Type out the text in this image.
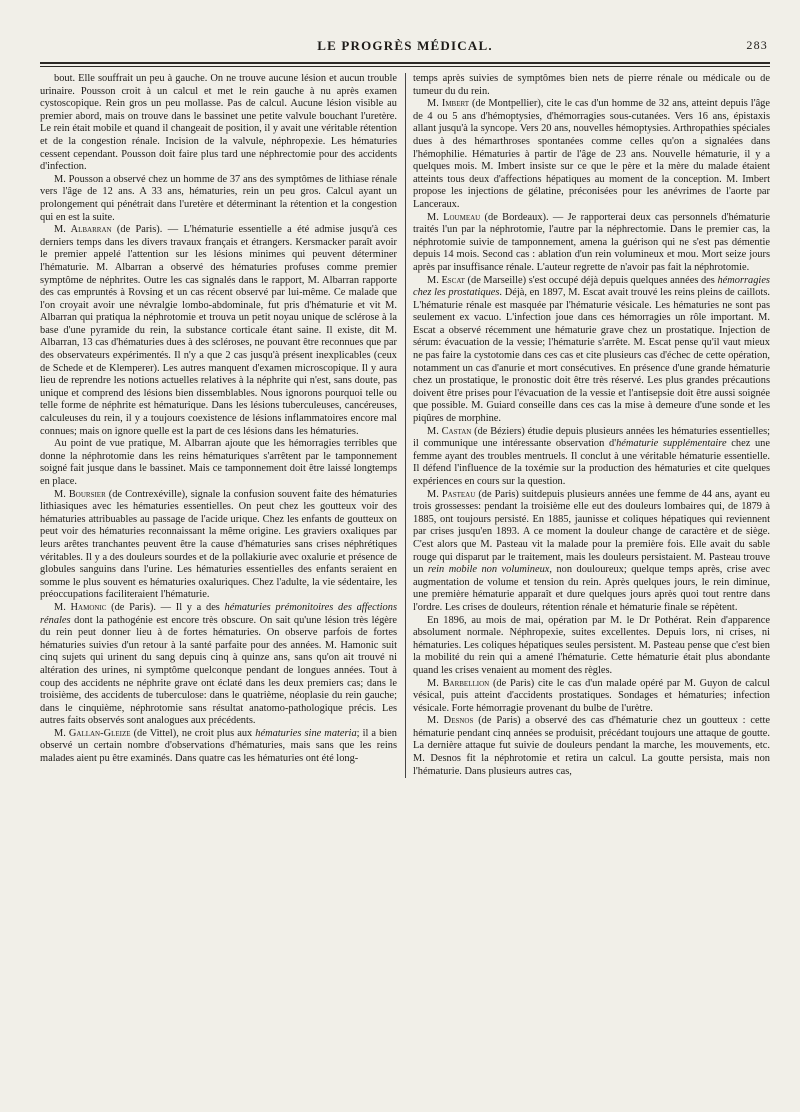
LE PROGRÈS MÉDICAL.	283

bout. Elle souffrait un peu à gauche. On ne trouve aucune lésion et aucun trouble urinaire. Pousson croit à un calcul et met le rein gauche à nu après examen cystoscopique. Rein gros un peu mollasse. Pas de calcul. Aucune lésion visible au premier abord, mais on trouve dans le bassinet une petite valvule bouchant l'uretère. Le rein était mobile et quand il changeait de position, il y avait une véritable rétention et de la congestion rénale. Incision de la valvule, néphropexie. Les hématuries cessent cependant. Pousson doit faire plus tard une néphrectomie pour des accidents d'infection.

M. Pousson a observé chez un homme de 37 ans des symptômes de lithiase rénale vers l'âge de 12 ans. A 33 ans, hématuries, rein un peu gros. Calcul ayant un prolongement qui pénétrait dans l'uretère et déterminant la rétention et la congestion qui en est la suite.

M. Albarran (de Paris). — L'hématurie essentielle a été admise jusqu'à ces derniers temps dans les divers travaux français et étrangers. Kersmacker paraît avoir le premier appelé l'attention sur les lésions minimes qui peuvent déterminer l'hématurie. M. Albarran a observé des hématuries profuses comme premier symptôme de néphrites. Outre les cas signalés dans le rapport, M. Albarran rapporte des cas empruntés à Rovsing et un cas récent observé par lui-même. Ce malade que l'on croyait avoir une névralgie lombo-abdominale, fut pris d'hématurie et vit M. Albarran qui pratiqua la néphrotomie et trouva un petit noyau unique de sclérose à la base d'une pyramide du rein, la substance corticale étant saine. Il existe, dit M. Albarran, 13 cas d'hématuries dues à des scléroses, ne pouvant être reconnues que par des observateurs expérimentés. Il n'y a que 2 cas jusqu'à présent inexplicables (ceux de Schede et de Klemperer). Les autres manquent d'examen microscopique. Il y aura lieu de reprendre les notions actuelles relatives à la néphrite qui n'est, sans doute, pas unique et comprend des lésions bien dissemblables. Nous ignorons pourquoi telle ou telle forme de néphrite est hématurique. Dans les lésions tuberculeuses, cancéreuses, calculeuses du rein, il y a toujours coexistence de lésions inflammatoires encore mal connues; mais on ignore quelle est la part de ces lésions dans les hématuries.

Au point de vue pratique, M. Albarran ajoute que les hémorragies terribles que donne la néphrotomie dans les reins hématuriques s'arrêtent par le tamponnement soigné fait jusque dans le bassinet. Mais ce tamponnement doit être laissé longtemps en place.

M. Boursier (de Contrexéville), signale la confusion souvent faite des hématuries lithiasiques avec les hématuries essentielles. On peut chez les goutteux voir des hématuries attribuables au passage de l'acide urique. Chez les enfants de goutteux on peut voir des hématuries reconnaissant la même origine. Les graviers oxaliques par leurs arêtes tranchantes peuvent être la cause d'hématuries sans crises néphrétiques véritables. Il y a des douleurs sourdes et de la pollakiurie avec oxalurie et présence de globules sanguins dans l'urine. Les hématuries essentielles des enfants seraient en somme le plus souvent es hématuries oxaluriques. Chez l'adulte, la vie sédentaire, les préoccupations faciliteraient l'hématurie.

M. Hamonic (de Paris). — Il y a des hématuries prémonitoires des affections rénales dont la pathogénie est encore très obscure. On sait qu'une lésion très légère du rein peut donner lieu à de fortes hématuries. On observe parfois de fortes hématuries suivies d'un retour à la santé parfaite pour des années. M. Hamonic suit cinq sujets qui urinent du sang depuis cinq à quinze ans, sans qu'on ait trouvé ni altération des urines, ni symptôme quelconque pendant de longues années. Tout à coup des accidents ne néphrite grave ont éclaté dans les deux premiers cas; dans le troisième, des accidents de tuberculose: dans le quatrième, néoplasie du rein gauche; dans le cinquième, néphrotomie sans résultat anatomo-pathologique précis. Les autres faits observés sont analogues aux précédents.

M. Gallan-Gleize (de Vittel), ne croit plus aux hématuries sine materia; il a bien observé un certain nombre d'observations d'hématuries, mais sans que les reins malades aient pu être examinés. Dans quatre cas les hématuries ont été long-

temps après suivies de symptômes bien nets de pierre rénale ou médicale ou de tumeur du du rein.

M. Imbert (de Montpellier), cite le cas d'un homme de 32 ans, atteint depuis l'âge de 4 ou 5 ans d'hémoptysies, d'hémorragies sous-cutanées. Vers 16 ans, épistaxis allant jusqu'à la syncope. Vers 20 ans, nouvelles hémoptysies. Arthropathies spéciales dues à des hémarthroses spontanées comme celles qu'on a signalées dans l'hémophilie. Hématuries à partir de l'âge de 23 ans. Nouvelle hématurie, il y a quelques mois. M. Imbert insiste sur ce que le père et la mère du malade étaient atteints tous deux d'affections hépatiques au moment de la conception. M. Imbert propose les injections de gélatine, préconisées pour les anévrimes de l'aorte par Lanceraux.

M. Loumeau (de Bordeaux). — Je rapporterai deux cas personnels d'hématurie traités l'un par la néphrotomie, l'autre par la néphrectomie. Dans le premier cas, la néphrotomie suivie de tamponnement, amena la guérison qui ne s'est pas démentie depuis 14 mois. Second cas : ablation d'un rein volumineux et mou. Mort seize jours après par insuffisance rénale. L'auteur regrette de n'avoir pas fait la néphrotomie.

M. Escat (de Marseille) s'est occupé déjà depuis quelques années des hémorragies chez les prostatiques. Déjà, en 1897, M. Escat avait trouvé les reins pleins de caillots. L'hématurie rénale est masquée par l'hématurie vésicale. Les hématuries ne sont pas seulement ex vacuo. L'infection joue dans ces hémorragies un rôle important. M. Escat a observé récemment une hématurie grave chez un prostatique. Injection de sérum: évacuation de la vessie; l'hématurie s'arrête. M. Escat pense qu'il vaut mieux ne pas faire la cystotomie dans ces cas et cite plusieurs cas d'échec de cette opération, notamment un cas d'anurie et mort consécutives. En présence d'une grande hématurie chez un prostatique, le pronostic doit être très réservé. Les plus grandes précautions doivent être prises pour l'évacuation de la vessie et l'antisepsie doit être aussi soignée que possible. M. Guiard conseille dans ces cas la mise à demeure d'une sonde et les piqûres de morphine.

M. Castan (de Béziers) étudie depuis plusieurs années les hématuries essentielles; il communique une intéressante observation d'hématurie supplémentaire chez une femme ayant des troubles mentruels. Il conclut à une véritable hématurie essentielle. Il défend l'influence de la toxémie sur la production des hématuries et cite quelques expériences en cours sur la question.

M. Pasteau (de Paris) suitdepuis plusieurs années une femme de 44 ans, ayant eu trois grossesses: pendant la troisième elle eut des douleurs lombaires qui, de 1879 à 1885, ont toujours persisté. En 1885, jaunisse et coliques hépatiques qui reviennent par crises jusqu'en 1893. A ce moment la douleur change de caractère et de siège. C'est alors que M. Pasteau vit la malade pour la première fois. Elle avait du sable rouge qui disparut par le traitement, mais les douleurs persistaient. M. Pasteau trouve un rein mobile non volumineux, non douloureux; quelque temps après, crise avec augmentation de volume et tension du rein. Après quelques jours, le rein diminue, une première hématurie apparaît et dure quelques jours après quoi tout rentre dans l'ordre. Les crises de douleurs, rétention rénale et hématurie finale se répètent.

En 1896, au mois de mai, opération par M. le Dr Pothérat. Rein d'apparence absolument normale. Néphropexie, suites excellentes. Depuis lors, ni crises, ni hématuries. Les coliques hépatiques seules persistent. M. Pasteau pense que c'est bien la mobilité du rein qui a amené l'hématurie. Cette hématurie était plus abondante quand les crises venaient au moment des règles.

M. Barbellion (de Paris) cite le cas d'un malade opéré par M. Guyon de calcul vésical, puis atteint d'accidents prostatiques. Sondages et hématuries; infection vésicale. Forte hémorragie provenant du bulbe de l'urètre.

M. Desnos (de Paris) a observé des cas d'hématurie chez un goutteux : cette hématurie pendant cinq années se produisit, précédant toujours une attaque de goutte. La dernière attaque fut suivie de douleurs pendant la marche, les mouvements, etc. M. Desnos fit la néphrotomie et retira un calcul. La goutte persista, mais non l'hématurie. Dans plusieurs autres cas,
